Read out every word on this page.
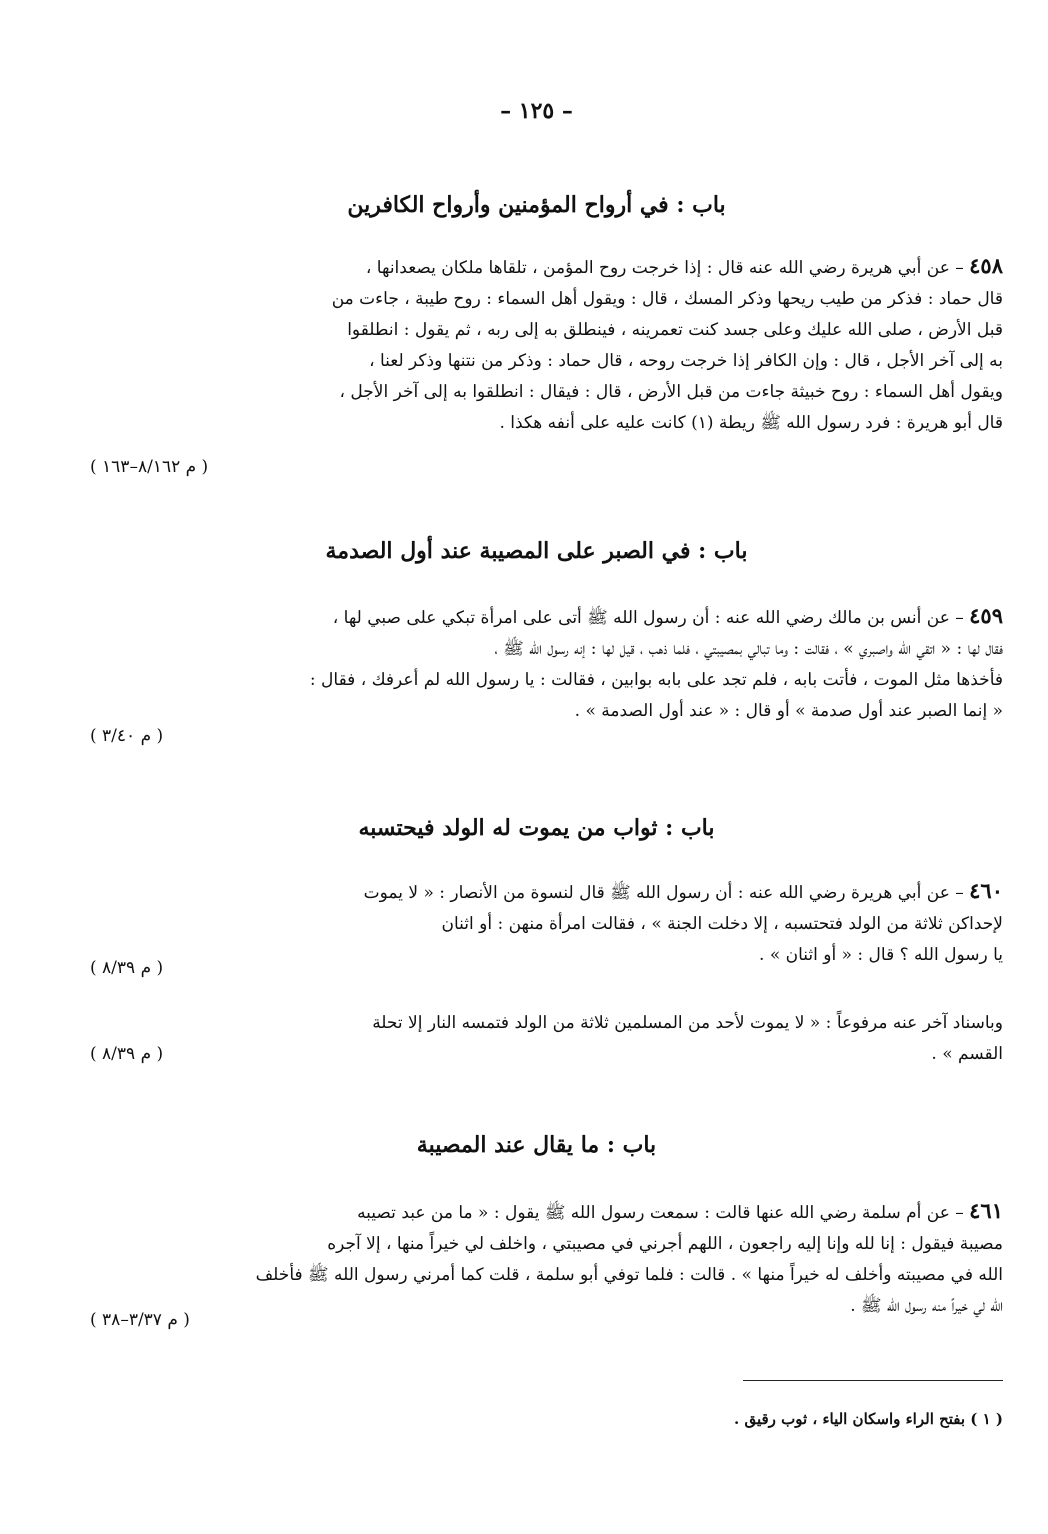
– ١٢٥ –
باب : في أرواح المؤمنين وأرواح الكافرين
٤٥٨ – عن أبي هريرة رضي الله عنه قال : إذا خرجت روح المؤمن ، تلقاها ملكان يصعدانها ،
قال حماد : فذكر من طيب ريحها وذكر المسك ، قال : ويقول أهل السماء : روح طيبة ، جاءت من
قبل الأرض ، صلى الله عليك وعلى جسد كنت تعمرينه ، فينطلق به إلى ربه ، ثم يقول : انطلقوا
به إلى آخر الأجل ، قال : وإن الكافر إذا خرجت روحه ، قال حماد : وذكر من نتنها وذكر لعنا ،
ويقول أهل السماء : روح خبيثة جاءت من قبل الأرض ، قال : فيقال : انطلقوا به إلى آخر الأجل ،
قال أبو هريرة : فرد رسول الله ﷺ ريطة (١) كانت عليه على أنفه هكذا .
( م ٨/١٦٢–١٦٣ )
باب : في الصبر على المصيبة عند أول الصدمة
٤٥٩ – عن أنس بن مالك رضي الله عنه : أن رسول الله ﷺ أتى على امرأة تبكي على صبي لها ،
فقال لها : « اتقي الله واصبري » ، فقالت : وما تبالي بمصيبتي ، فلما ذهب ، قيل لها : إنه رسول الله ﷺ ،
فأخذها مثل الموت ، فأتت بابه ، فلم تجد على بابه بوابين ، فقالت : يا رسول الله لم أعرفك ، فقال :
« إنما الصبر عند أول صدمة » أو قال : « عند أول الصدمة » .
( م ٣/٤٠ )
باب : ثواب من يموت له الولد فيحتسبه
٤٦٠ – عن أبي هريرة رضي الله عنه : أن رسول الله ﷺ قال لنسوة من الأنصار : « لا يموت
لإحداكن ثلاثة من الولد فتحتسبه ، إلا دخلت الجنة » ، فقالت امرأة منهن : أو اثنان
يا رسول الله ؟ قال : « أو اثنان » .
( م ٨/٣٩ )
وباسناد آخر عنه مرفوعاً : « لا يموت لأحد من المسلمين ثلاثة من الولد فتمسه النار إلا تحلة
القسم » .
( م ٨/٣٩ )
باب : ما يقال عند المصيبة
٤٦١ – عن أم سلمة رضي الله عنها قالت : سمعت رسول الله ﷺ يقول : « ما من عبد تصيبه
مصيبة فيقول : إنا لله وإنا إليه راجعون ، اللهم أجرني في مصيبتي ، واخلف لي خيراً منها ، إلا آجره
الله في مصيبته وأخلف له خيراً منها » . قالت : فلما توفي أبو سلمة ، قلت كما أمرني رسول الله ﷺ فأخلف
الله لي خيراً منه رسول الله ﷺ .
( م ٣/٣٧–٣٨ )
( ١ ) بفتح الراء واسكان الياء ، ثوب رقيق .
